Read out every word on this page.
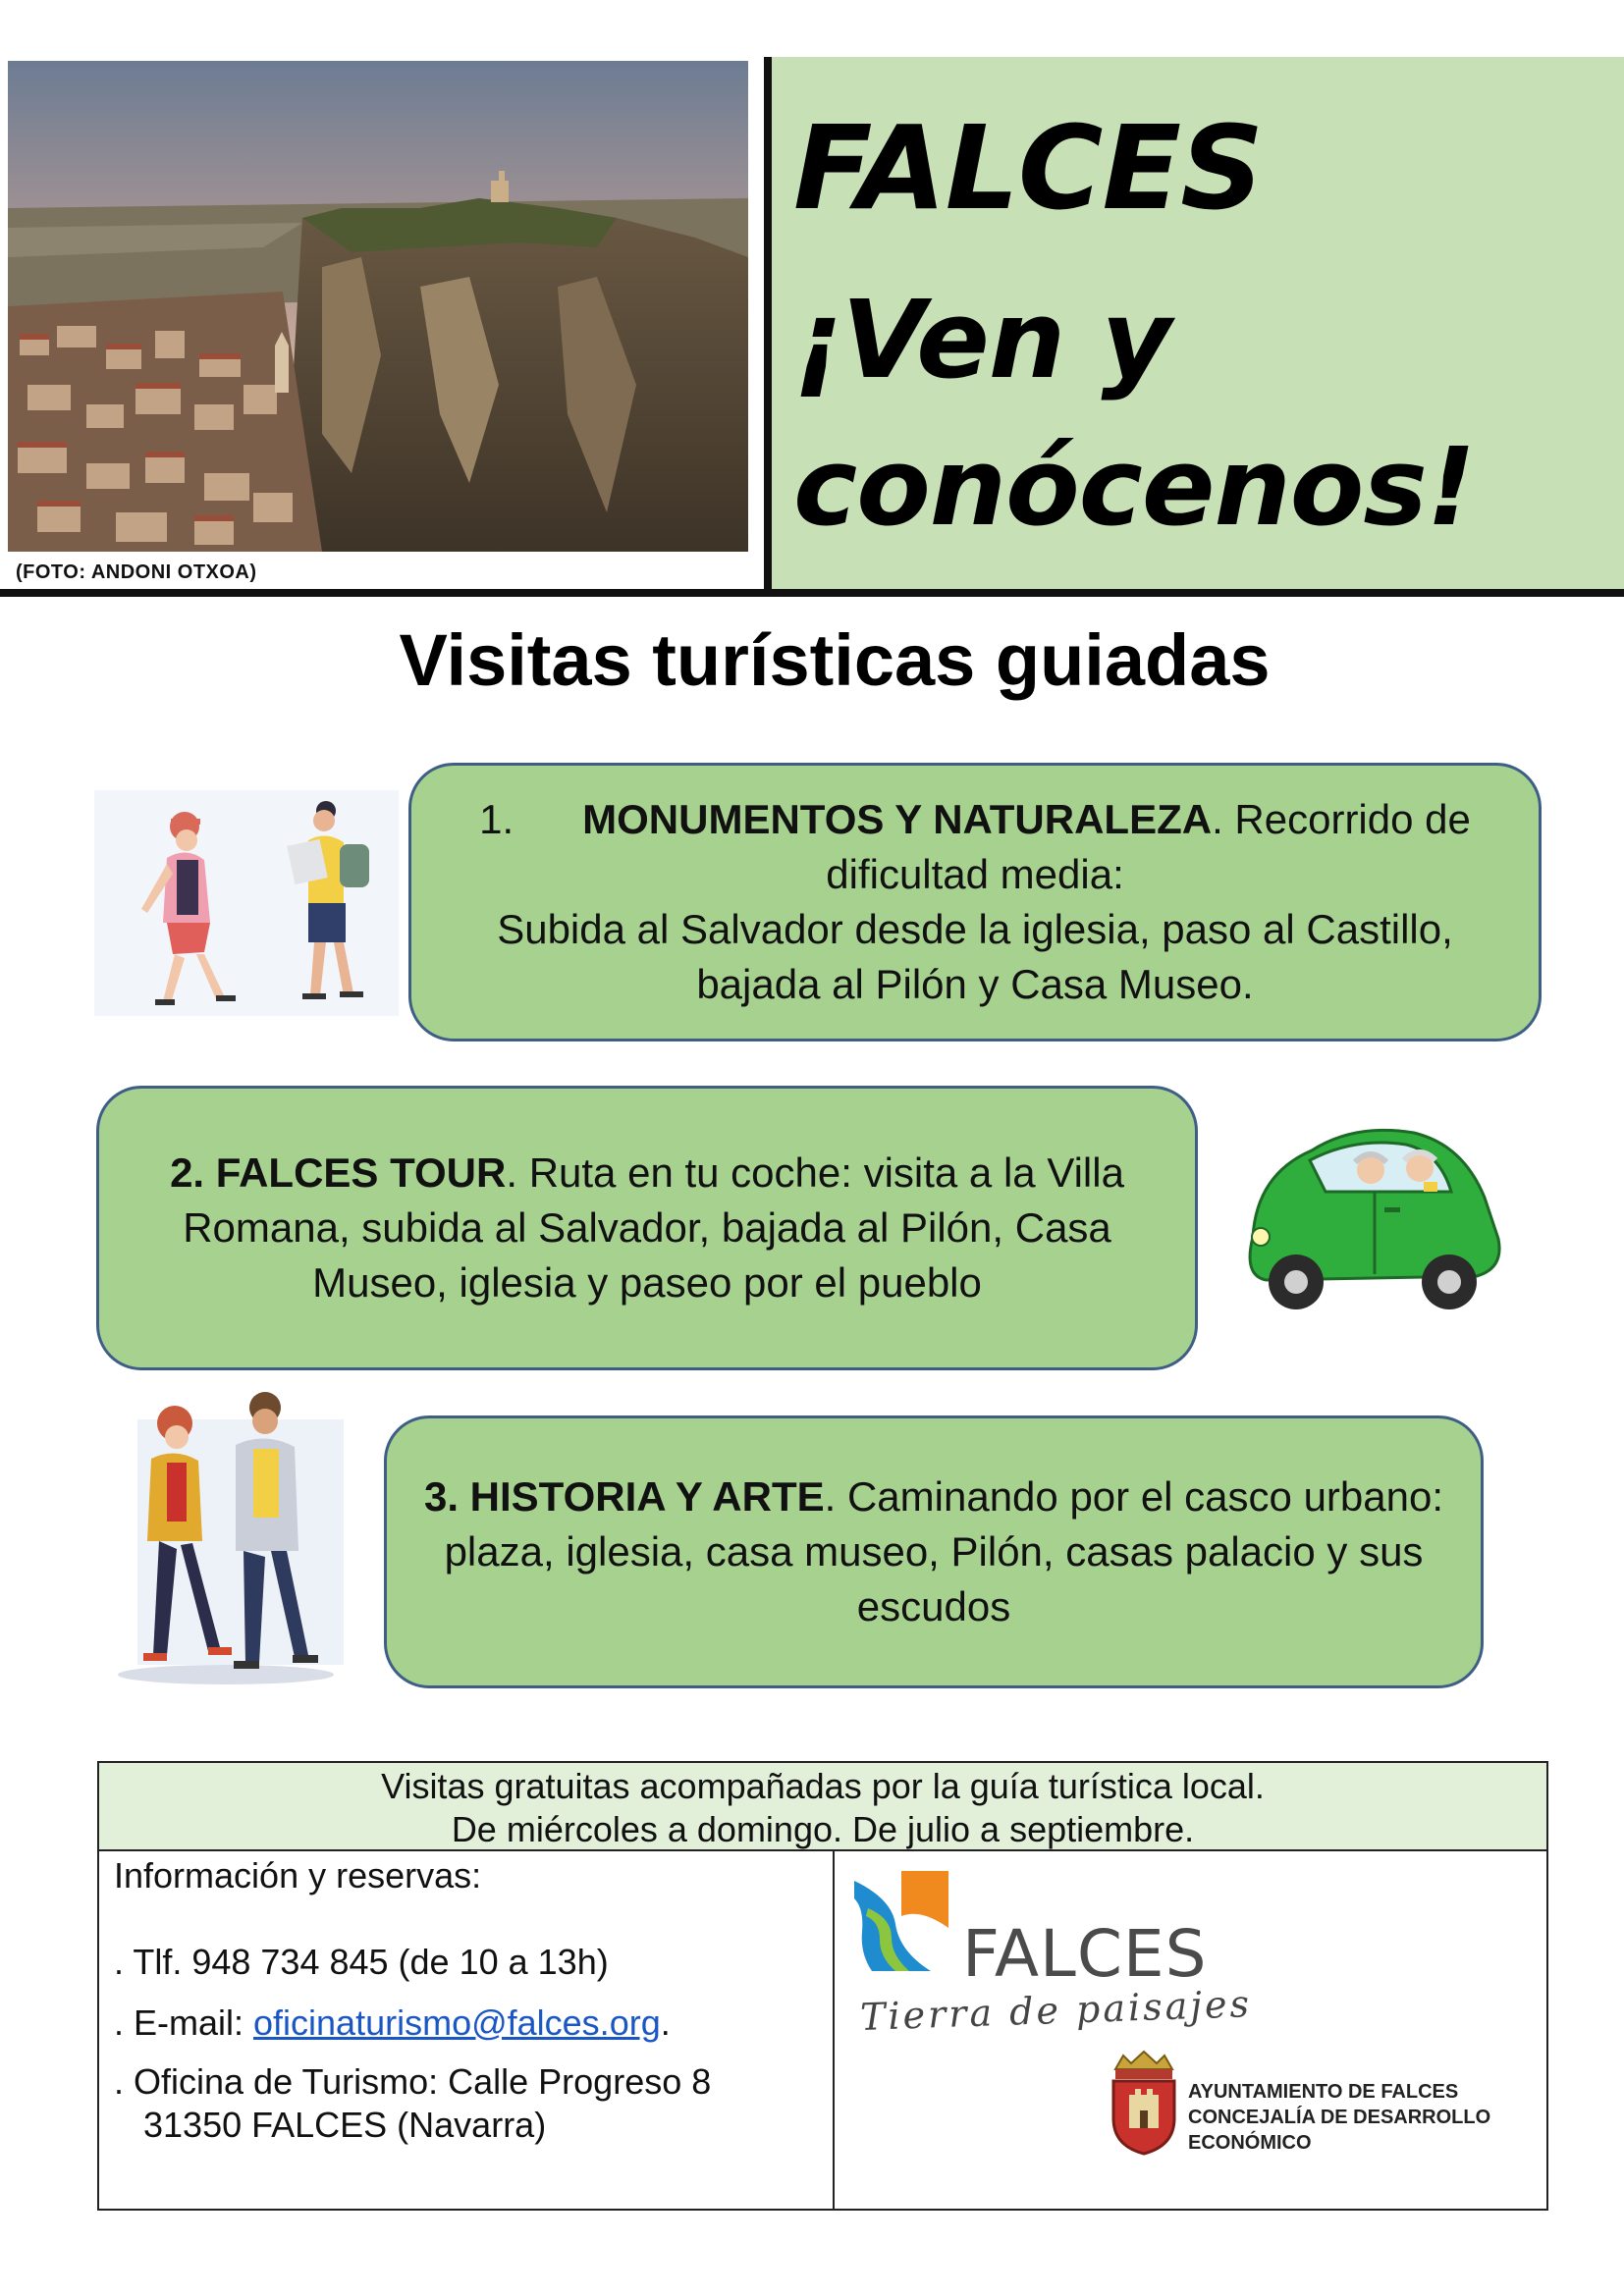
(FOTO: ANDONI OTXOA)
FALCES
¡Ven y
conócenos!
Visitas turísticas guiadas
1. MONUMENTOS Y NATURALEZA. Recorrido de dificultad media:
Subida al Salvador desde la iglesia, paso al Castillo, bajada al Pilón y Casa Museo.
2. FALCES TOUR. Ruta en tu coche: visita a la Villa Romana, subida al Salvador, bajada al Pilón, Casa Museo, iglesia y paseo por el pueblo
3. HISTORIA Y ARTE. Caminando por el casco urbano: plaza, iglesia, casa museo, Pilón, casas palacio y sus escudos
Visitas gratuitas acompañadas por la guía turística local.
De miércoles a domingo. De julio a septiembre.
Información y reservas:
. Tlf. 948 734 845 (de 10 a 13h)
. E-mail: oficinaturismo@falces.org.
. Oficina de Turismo: Calle Progreso 8
31350 FALCES (Navarra)
FALCES
Tierra de paisajes
AYUNTAMIENTO DE FALCES
CONCEJALÍA DE DESARROLLO
ECONÓMICO
